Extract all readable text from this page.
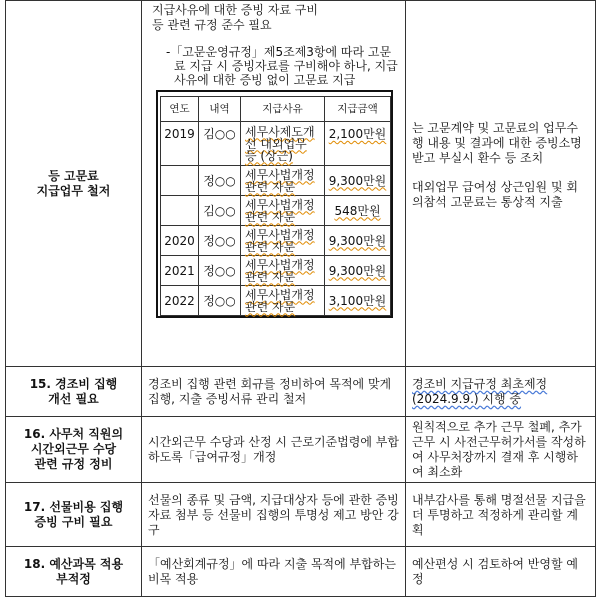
등 고문료
지급업무 철저

지급사유에 대한 증빙 자료 구비
등 관련 규정 준수 필요
-「고문운영규정」제5조제3항에 따라 고문료 지급 시 증빙자료를 구비해야 하나, 지급사유에 대한 증빙 없이 고문료 지급
연도	내역	지급사유	지급금액
2019	김○○	세무사제도개선 대외업무 등 (상근)	2,100만원
	정○○	세무사법개정 관련 자문	9,300만원
	김○○	세무사법개정 관련 자문	548만원
2020	정○○	세무사법개정 관련 자문	9,300만원
2021	정○○	세무사법개정 관련 자문	9,300만원
2022	정○○	세무사법개정 관련 자문	3,100만원

는 고문계약 및 고문료의 업무수행 내용 및 결과에 대한 증빙소명받고 부실시 환수 등 조치

대외업무 급여성 상근임원 및 회의참석 고문료는 통상적 지출

15. 경조비 집행
개선 필요

경조비 집행 관련 회규를 정비하여 목적에 맞게 집행, 지출 증빙서류 관리 철저

경조비 지급규정 최초제정 (2024.9.9.) 시행 중

16. 사무처 직원의
시간외근무 수당
관련 규정 정비

시간외근무 수당과 산정 시 근로기준법령에 부합하도록「급여규정」개정

원칙적으로 추가 근무 철폐, 추가 근무 시 사전근무허가서를 작성하여 사무처장까지 결재 후 시행하여 최소화

17. 선물비용 집행
증빙 구비 필요

선물의 종류 및 금액, 지급대상자 등에 관한 증빙자료 첨부 등 선물비 집행의 투명성 제고 방안 강구

내부감사를 통해 명절선물 지급을 더 투명하고 적정하게 관리할 계획

18. 예산과목 적용
부적정

「예산회계규정」에 따라 지출 목적에 부합하는 비목 적용

예산편성 시 검토하여 반영할 예정
